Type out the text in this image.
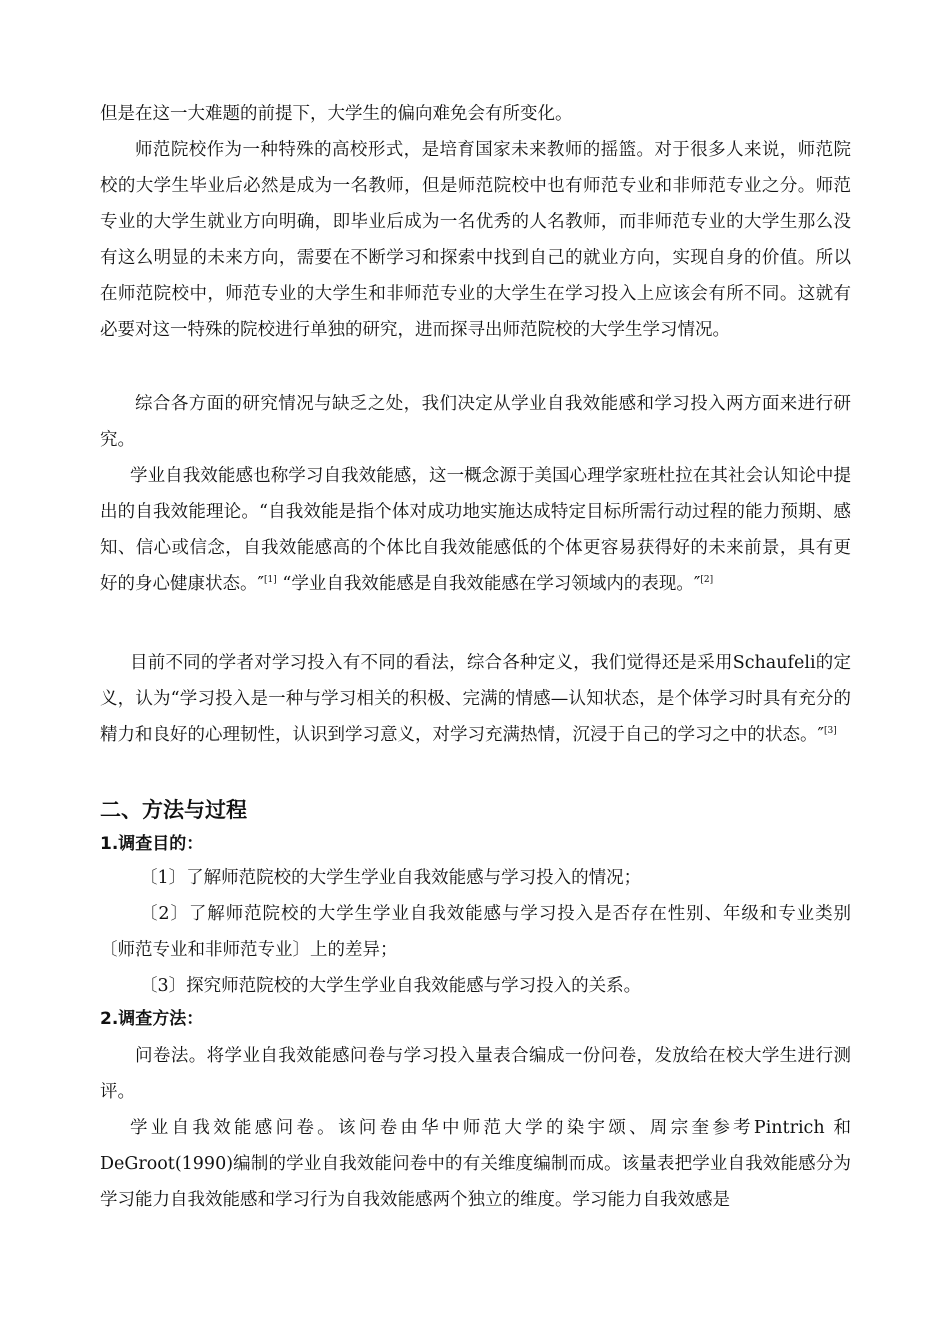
但是在这一大难题的前提下，大学生的偏向难免会有所变化。

师范院校作为一种特殊的高校形式，是培育国家未来教师的摇篮。对于很多人来说，师范院校的大学生毕业后必然是成为一名教师，但是师范院校中也有师范专业和非师范专业之分。师范专业的大学生就业方向明确，即毕业后成为一名优秀的人名教师，而非师范专业的大学生那么没有这么明显的未来方向，需要在不断学习和探索中找到自己的就业方向，实现自身的价值。所以在师范院校中，师范专业的大学生和非师范专业的大学生在学习投入上应该会有所不同。这就有必要对这一特殊的院校进行单独的研究，进而探寻出师范院校的大学生学习情况。

综合各方面的研究情况与缺乏之处，我们决定从学业自我效能感和学习投入两方面来进行研究。

学业自我效能感也称学习自我效能感，这一概念源于美国心理学家班杜拉在其社会认知论中提出的自我效能理论。“自我效能是指个体对成功地实施达成特定目标所需行动过程的能力预期、感知、信心或信念，自我效能感高的个体比自我效能感低的个体更容易获得好的未来前景，具有更好的身心健康状态。″[1] “学业自我效能感是自我效能感在学习领域内的表现。″[2]

目前不同的学者对学习投入有不同的看法，综合各种定义，我们觉得还是采用Schaufeli的定义，认为“学习投入是一种与学习相关的积极、完满的情感—认知状态，是个体学习时具有充分的精力和良好的心理韧性，认识到学习意义，对学习充满热情，沉浸于自己的学习之中的状态。″[3]

二、方法与过程
1.调查目的：

〔1〕了解师范院校的大学生学业自我效能感与学习投入的情况；

〔2〕了解师范院校的大学生学业自我效能感与学习投入是否存在性别、年级和专业类别〔师范专业和非师范专业〕上的差异；

〔3〕探究师范院校的大学生学业自我效能感与学习投入的关系。

2.调查方法：

问卷法。将学业自我效能感问卷与学习投入量表合编成一份问卷，发放给在校大学生进行测评。

学业自我效能感问卷。该问卷由华中师范大学的染宇颂、周宗奎参考Pintrich 和DeGroot(1990)编制的学业自我效能问卷中的有关维度编制而成。该量表把学业自我效能感分为学习能力自我效能感和学习行为自我效能感两个独立的维度。学习能力自我效感是
